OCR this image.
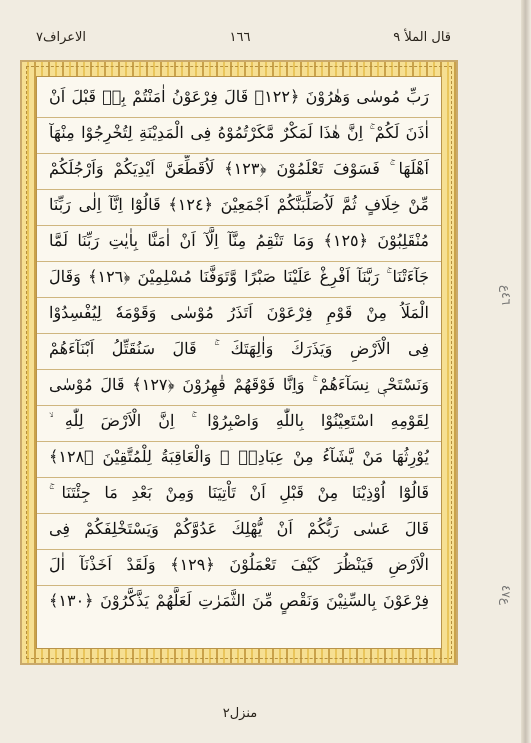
الاعراف٧	١٦٦	قال الملأ ٩
رَبِّ مُوسٰى وَهٰرُوْنَ ﴿١٢٢﴾ قَالَ فِرْعَوْنُ اٰمَنْتُمْ بِهٖ قَبْلَ اَنْ
اٰذَنَ لَكُمْ ۚ اِنَّ هٰذَا لَمَكْرٌ مَّكَرْتُمُوْهُ فِی الْمَدِيْنَةِ لِتُخْرِجُوْا مِنْهَآ
اَهْلَهَا ۚ فَسَوْفَ تَعْلَمُوْنَ ﴿١٢٣﴾ لَاُقَطِّعَنَّ اَيْدِيَكُمْ وَاَرْجُلَكُمْ
مِّنْ خِلَافٍ ثُمَّ لَاُصَلِّبَنَّكُمْ اَجْمَعِيْنَ ﴿١٢٤﴾ قَالُوْٓا اِنَّآ اِلٰى رَبِّنَا
مُنْقَلِبُوْنَ ﴿١٢٥﴾ وَمَا تَنْقِمُ مِنَّآ اِلَّآ اَنْ اٰمَنَّا بِاٰيٰتِ رَبِّنَا لَمَّا
جَآءَتْنَا ۚ رَبَّنَآ اَفْرِغْ عَلَيْنَا صَبْرًا وَّتَوَفَّنَا مُسْلِمِيْنَ ﴿١٢٦﴾ وَقَالَ
الْمَلَاُ مِنْ قَوْمِ فِرْعَوْنَ اَتَذَرُ مُوْسٰى وَقَوْمَهٗ لِيُفْسِدُوْا
فِی الْاَرْضِ وَيَذَرَكَ وَاٰلِهَتَكَ ۚ قَالَ سَنُقَتِّلُ اَبْنَآءَهُمْ
وَنَسْتَحْیٖ نِسَآءَهُمْ ۚ وَاِنَّا فَوْقَهُمْ قٰهِرُوْنَ ﴿١٢٧﴾ قَالَ مُوْسٰى
لِقَوْمِهِ اسْتَعِيْنُوْا بِاللّٰهِ وَاصْبِرُوْا ۚ اِنَّ الْاَرْضَ لِلّٰهِ ۙ
يُوْرِثُهَا مَنْ يَّشَآءُ مِنْ عِبَادِهٖ ۚ وَالْعَاقِبَةُ لِلْمُتَّقِيْنَ ﴿١٢٨﴾
قَالُوْٓا اُوْذِيْنَا مِنْ قَبْلِ اَنْ تَاْتِيَنَا وَمِنْ بَعْدِ مَا جِئْتَنَا ۚ
قَالَ عَسٰى رَبُّكُمْ اَنْ يُّهْلِكَ عَدُوَّكُمْ وَيَسْتَخْلِفَكُمْ فِی
الْاَرْضِ فَيَنْظُرَ كَيْفَ تَعْمَلُوْنَ ﴿١٢٩﴾ وَلَقَدْ اَخَذْنَآ اٰلَ
فِرْعَوْنَ بِالسِّنِيْنَ وَنَقْصٍ مِّنَ الثَّمَرٰتِ لَعَلَّهُمْ يَذَّكَّرُوْنَ ﴿١٣٠﴾
٤٦ع
ع٤٧
منزل٢
